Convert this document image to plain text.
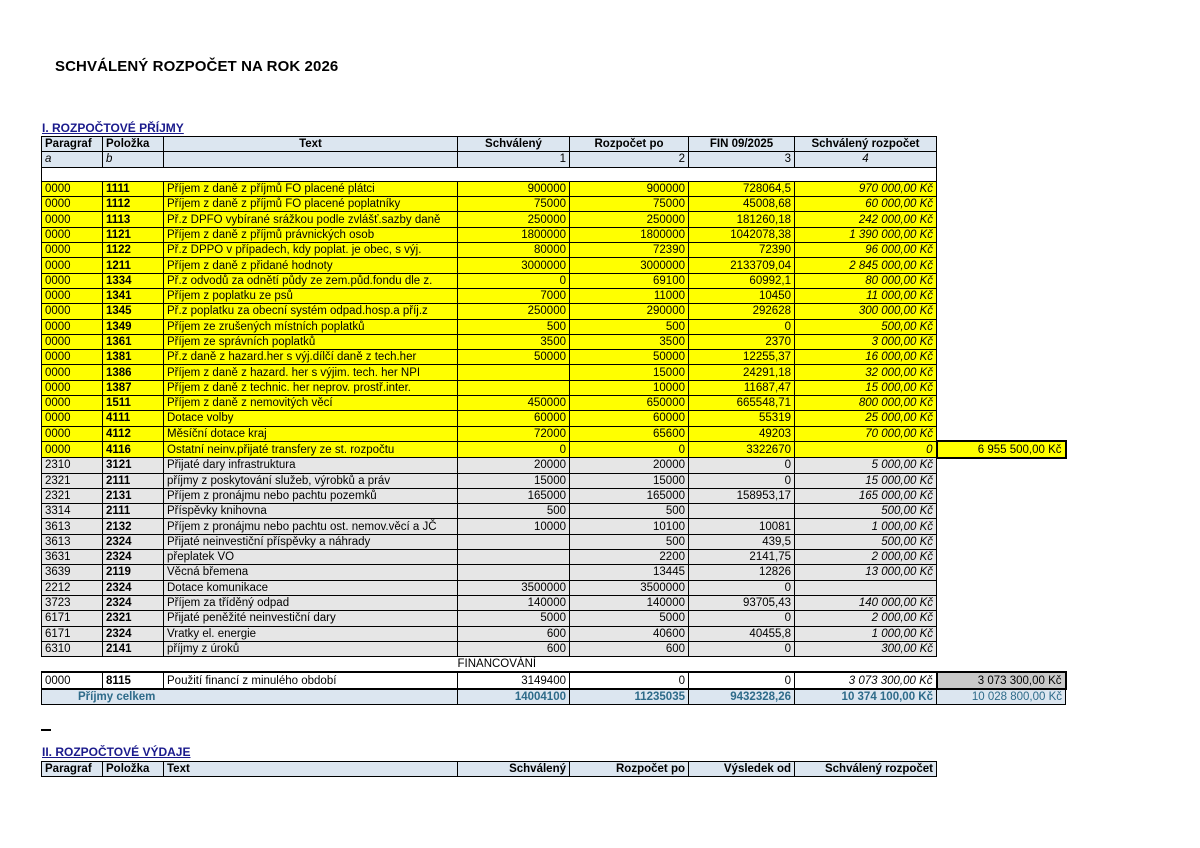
SCHVÁLENÝ ROZPOČET NA ROK 2026
I. ROZPOČTOVÉ PŘÍJMY
Paragraf	Položka	Text	Schválený	Rozpočet po	FIN 09/2025	Schválený rozpočet	
a	b		1	2	3	4	

0000	1111	Příjem z daně z příjmů FO placené plátci	900000	900000	728064,5	970 000,00 Kč	
0000	1112	Příjem z daně z příjmů FO placené poplatníky	75000	75000	45008,68	60 000,00 Kč	
0000	1113	Př.z DPFO vybírané srážkou podle zvlášť.sazby daně	250000	250000	181260,18	242 000,00 Kč	
0000	1121	Příjem z daně z příjmů právnických osob	1800000	1800000	1042078,38	1 390 000,00 Kč	
0000	1122	Př.z DPPO v případech, kdy poplat. je obec, s výj.	80000	72390	72390	96 000,00 Kč	
0000	1211	Příjem z daně z přidané hodnoty	3000000	3000000	2133709,04	2 845 000,00 Kč	
0000	1334	Př.z odvodů za odnětí půdy ze zem.půd.fondu dle z.	0	69100	60992,1	80 000,00 Kč	
0000	1341	Příjem z poplatku ze psů	7000	11000	10450	11 000,00 Kč	
0000	1345	Př.z poplatku za obecní systém odpad.hosp.a příj.z	250000	290000	292628	300 000,00 Kč	
0000	1349	Příjem ze zrušených místních poplatků	500	500	0	500,00 Kč	
0000	1361	Příjem ze správních poplatků	3500	3500	2370	3 000,00 Kč	
0000	1381	Př.z daně z hazard.her s výj.dílčí daně z tech.her	50000	50000	12255,37	16 000,00 Kč	
0000	1386	Příjem z daně z hazard. her s výjim. tech. her NPI		15000	24291,18	32 000,00 Kč	
0000	1387	Příjem z daně z technic. her neprov. prostř.inter.		10000	11687,47	15 000,00 Kč	
0000	1511	Příjem z daně z nemovitých věcí	450000	650000	665548,71	800 000,00 Kč	
0000	4111	Dotace volby	60000	60000	55319	25 000,00 Kč	
0000	4112	Měsíční dotace kraj	72000	65600	49203	70 000,00 Kč	
0000	4116	Ostatní neinv.přijaté transfery ze st. rozpočtu	0	0	3322670	0	6 955 500,00 Kč
2310	3121	Přijaté dary infrastruktura	20000	20000	0	5 000,00 Kč	
2321	2111	příjmy z poskytování služeb, výrobků a práv	15000	15000	0	15 000,00 Kč	
2321	2131	Příjem z pronájmu nebo pachtu pozemků	165000	165000	158953,17	165 000,00 Kč	
3314	2111	Příspěvky knihovna	500	500		500,00 Kč	
3613	2132	Příjem z pronájmu nebo pachtu ost. nemov.věcí a JČ	10000	10100	10081	1 000,00 Kč	
3613	2324	Přijaté neinvestiční příspěvky a náhrady		500	439,5	500,00 Kč	
3631	2324	přeplatek VO		2200	2141,75	2 000,00 Kč	
3639	2119	Věcná břemena		13445	12826	13 000,00 Kč	
2212	2324	Dotace komunikace	3500000	3500000	0		
3723	2324	Příjem za tříděný odpad	140000	140000	93705,43	140 000,00 Kč	
6171	2321	Přijaté peněžité neinvestiční dary	5000	5000	0	2 000,00 Kč	
6171	2324	Vratky el. energie	600	40600	40455,8	1 000,00 Kč	
6310	2141	příjmy z úroků	600	600	0	300,00 Kč	
			FINANCOVÁNÍ				
0000	8115	Použití financí z minulého období	3149400	0	0	3 073 300,00 Kč	3 073 300,00 Kč
Příjmy celkem			14004100	11235035	9432328,26	10 374 100,00 Kč	10 028 800,00 Kč
II. ROZPOČTOVÉ VÝDAJE
Paragraf	Položka	Text	Schválený	Rozpočet po	Výsledek od	Schválený rozpočet
